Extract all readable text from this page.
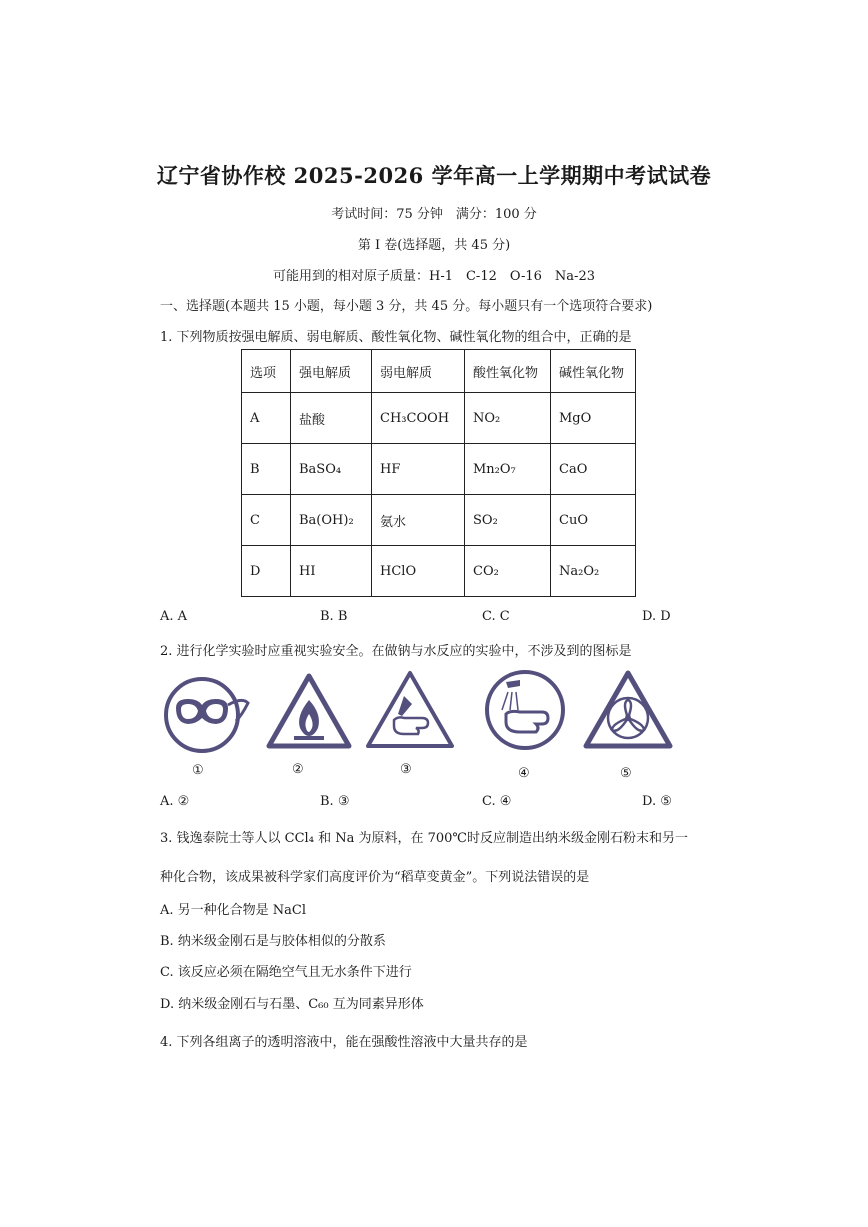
辽宁省协作校 2025-2026 学年高一上学期期中考试试卷
考试时间：75 分钟　满分：100 分
第 I 卷(选择题，共 45 分)
可能用到的相对原子质量：H-1　C-12　O-16　Na-23
一、选择题(本题共 15 小题，每小题 3 分，共 45 分。每小题只有一个选项符合要求)
1. 下列物质按强电解质、弱电解质、酸性氧化物、碱性氧化物的组合中，正确的是
选项	强电解质	弱电解质	酸性氧化物	碱性氧化物
A	盐酸	CH₃COOH	NO₂	MgO
B	BaSO₄	HF	Mn₂O₇	CaO
C	Ba(OH)₂	氨水	SO₂	CuO
D	HI	HClO	CO₂	Na₂O₂
A. A	B. B	C. C	D. D
2. 进行化学实验时应重视实验安全。在做钠与水反应的实验中，不涉及到的图标是
①	②	③	④	⑤
A. ②	B. ③	C. ④	D. ⑤
3. 钱逸泰院士等人以 CCl₄ 和 Na 为原料，在 700℃时反应制造出纳米级金刚石粉末和另一
种化合物，该成果被科学家们高度评价为“稻草变黄金”。下列说法错误的是
A. 另一种化合物是 NaCl
B. 纳米级金刚石是与胶体相似的分散系
C. 该反应必须在隔绝空气且无水条件下进行
D. 纳米级金刚石与石墨、C₆₀ 互为同素异形体
4. 下列各组离子的透明溶液中，能在强酸性溶液中大量共存的是
